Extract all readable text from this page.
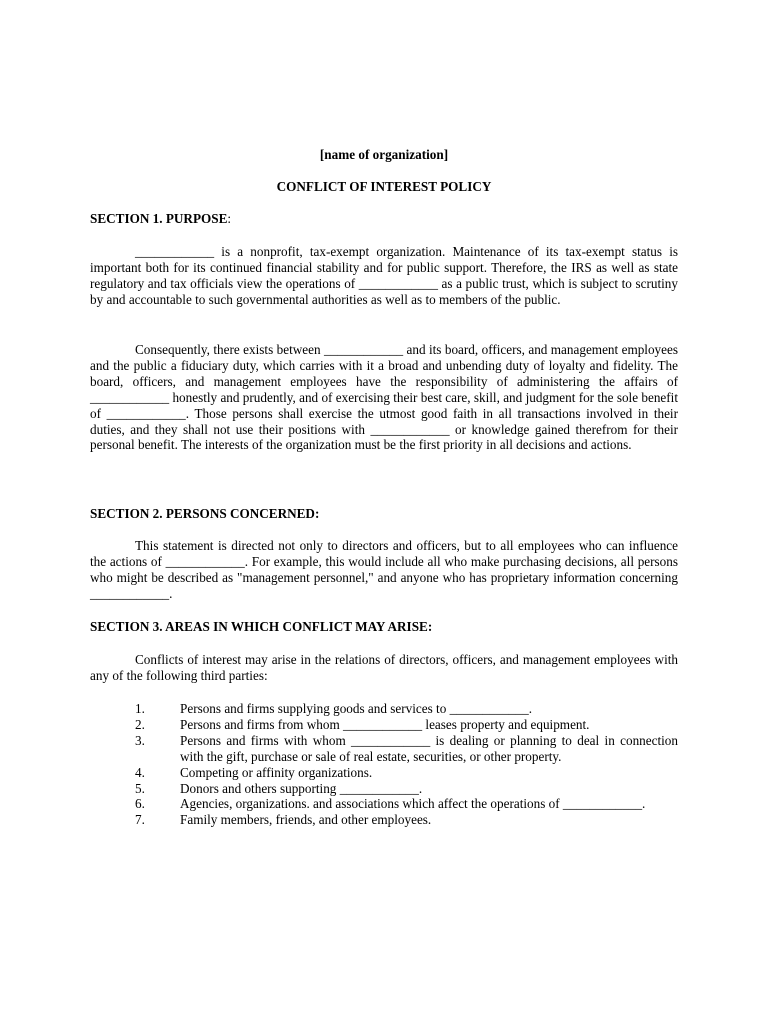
[name of organization]
CONFLICT OF INTEREST POLICY
SECTION 1. PURPOSE:

____________ is a nonprofit, tax-exempt organization. Maintenance of its tax-exempt status is important both for its continued financial stability and for public support. Therefore, the IRS as well as state regulatory and tax officials view the operations of ____________ as a public trust, which is subject to scrutiny by and accountable to such governmental authorities as well as to members of the public.

Consequently, there exists between ____________ and its board, officers, and management employees and the public a fiduciary duty, which carries with it a broad and unbending duty of loyalty and fidelity. The board, officers, and management employees have the responsibility of administering the affairs of ____________ honestly and prudently, and of exercising their best care, skill, and judgment for the sole benefit of ____________. Those persons shall exercise the utmost good faith in all transactions involved in their duties, and they shall not use their positions with ____________ or knowledge gained therefrom for their personal benefit. The interests of the organization must be the first priority in all decisions and actions.

SECTION 2. PERSONS CONCERNED:

This statement is directed not only to directors and officers, but to all employees who can influence the actions of ____________. For example, this would include all who make purchasing decisions, all persons who might be described as "management personnel," and anyone who has proprietary information concerning ____________.

SECTION 3. AREAS IN WHICH CONFLICT MAY ARISE:

Conflicts of interest may arise in the relations of directors, officers, and management employees with any of the following third parties:

1.	Persons and firms supplying goods and services to ____________.
2.	Persons and firms from whom ____________ leases property and equipment.
3.	Persons and firms with whom ____________ is dealing or planning to deal in connection with the gift, purchase or sale of real estate, securities, or other property.
4.	Competing or affinity organizations.
5.	Donors and others supporting ____________.
6.	Agencies, organizations. and associations which affect the operations of ____________.
7.	Family members, friends, and other employees.
